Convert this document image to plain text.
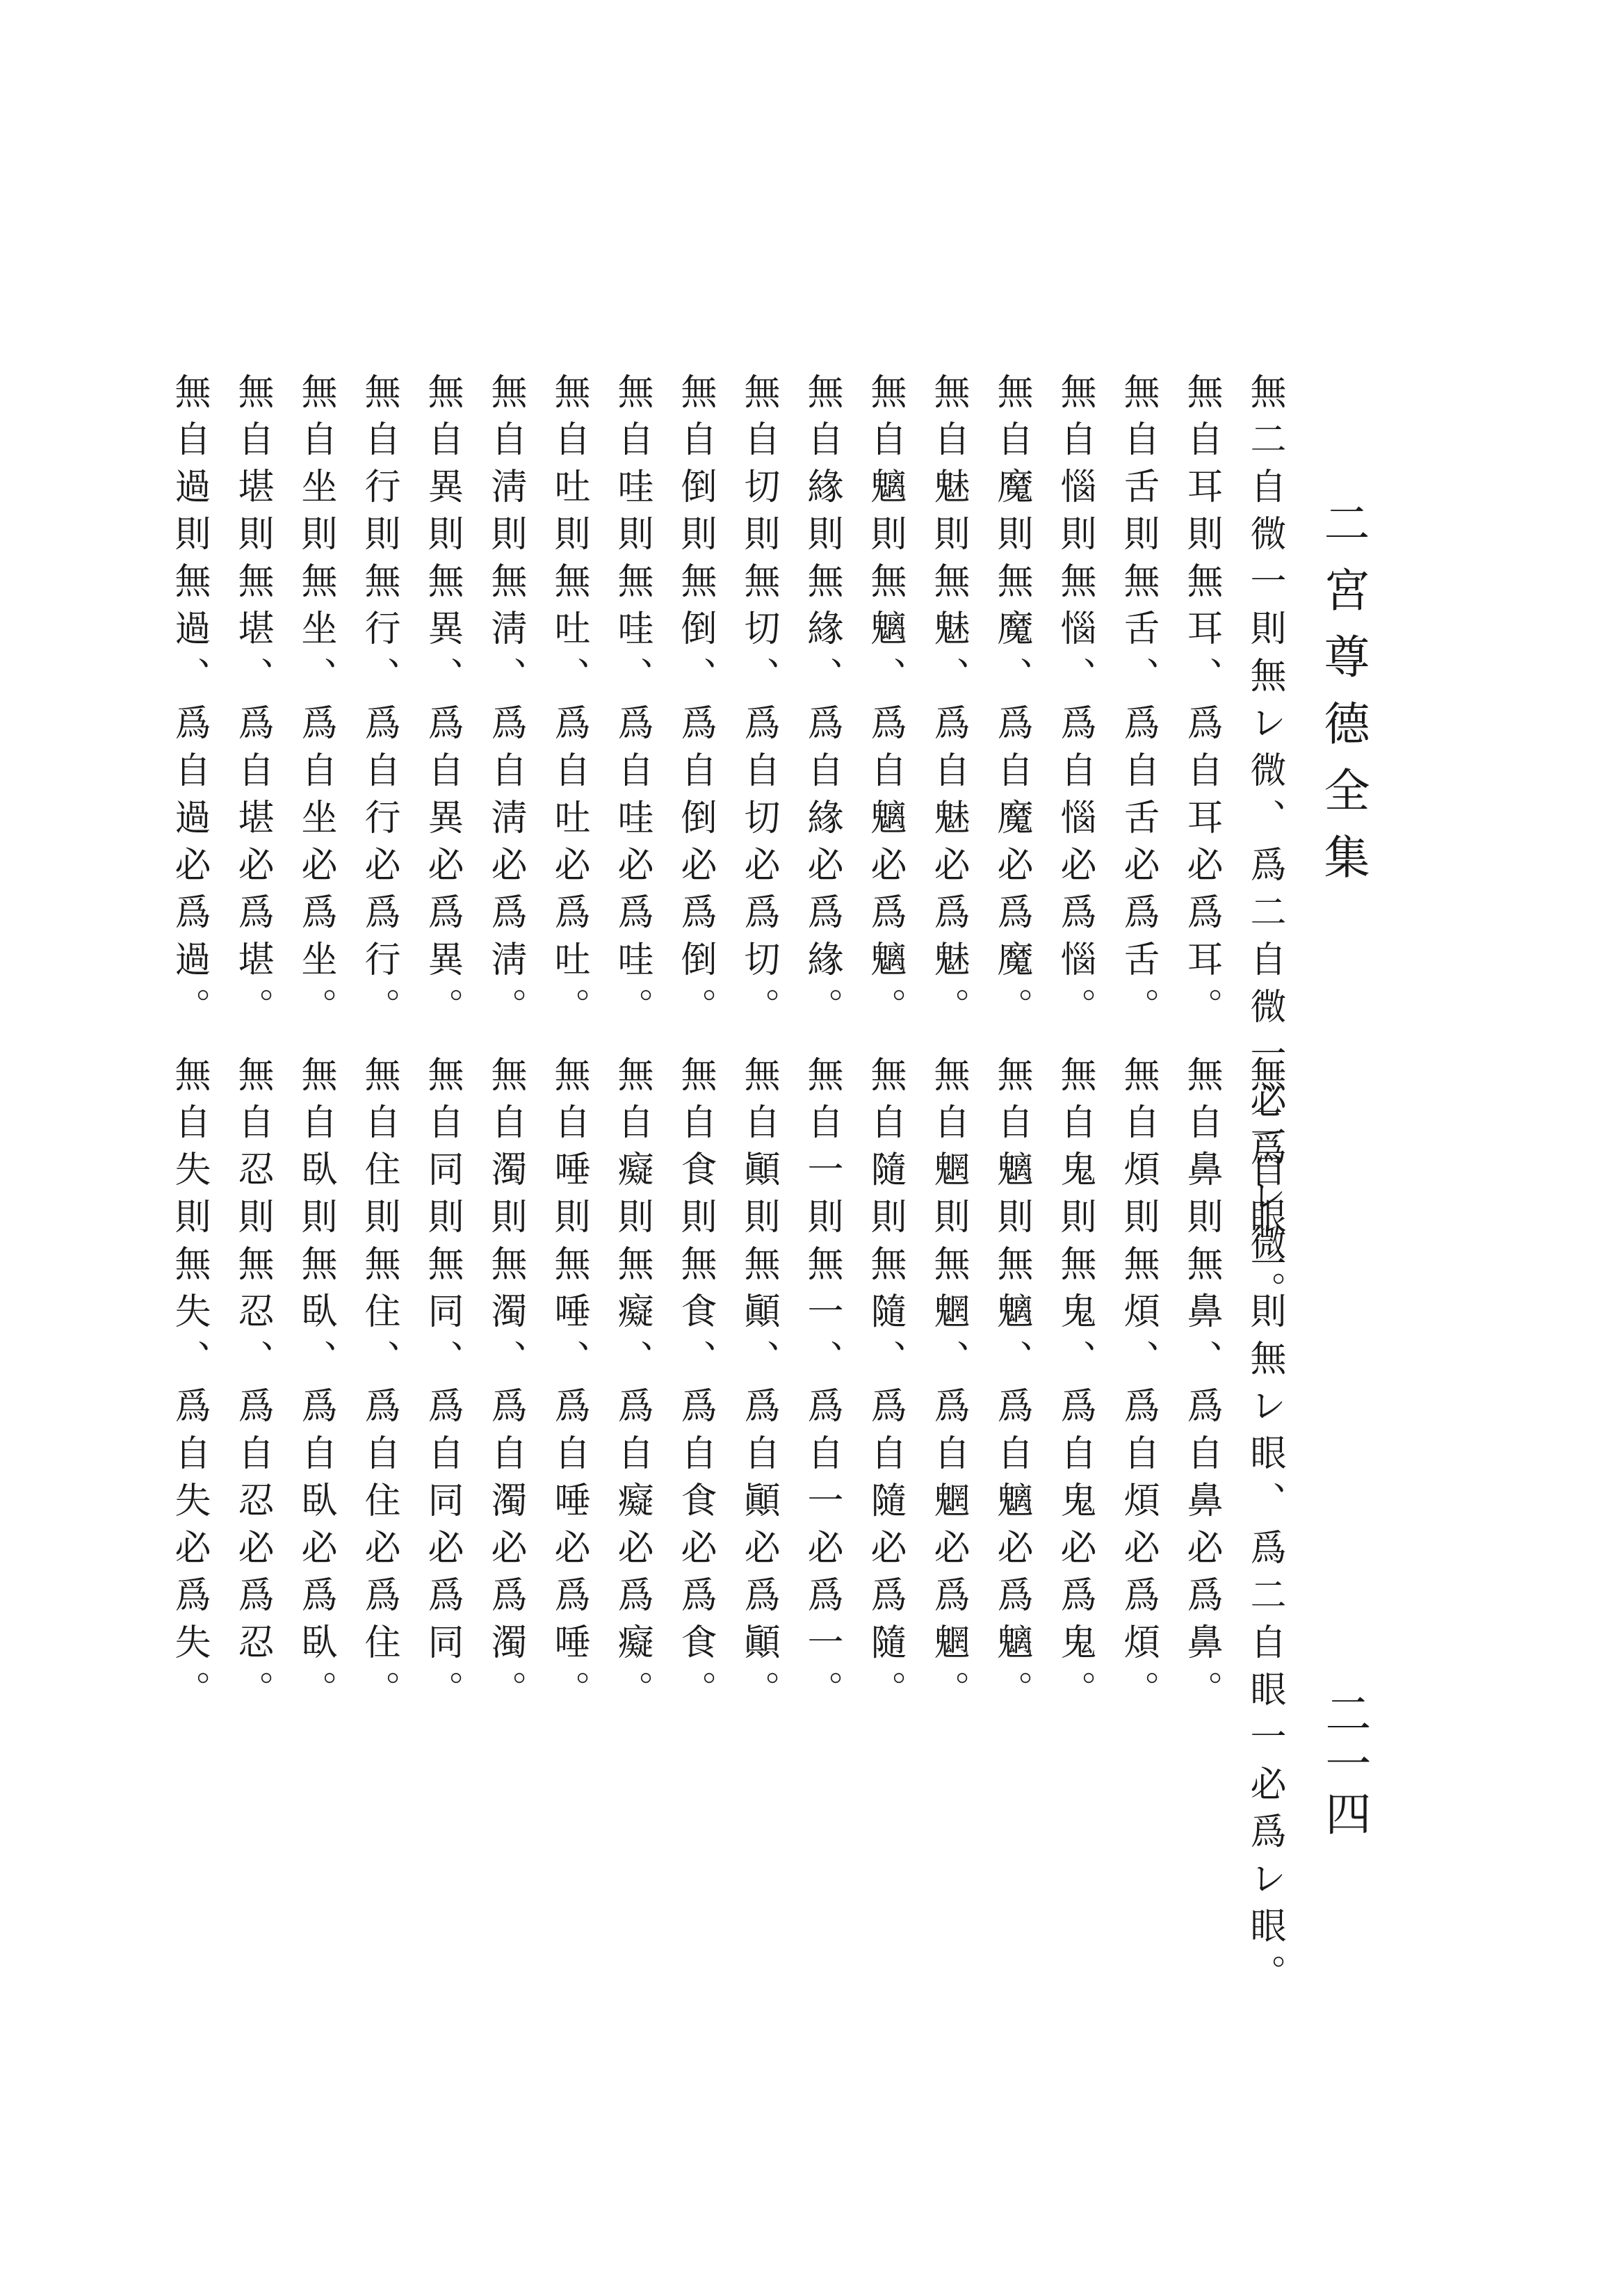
二宮尊德全集
無二自微一則無レ微、爲二自微一必爲レ微。
無自耳則無耳、爲自耳必爲耳。
無自舌則無舌、爲自舌必爲舌。
無自惱則無惱、爲自惱必爲惱。
無自魔則無魔、爲自魔必爲魔。
無自魅則無魅、爲自魅必爲魅。
無自魑則無魑、爲自魑必爲魑。
無自緣則無緣、爲自緣必爲緣。
無自切則無切、爲自切必爲切。
無自倒則無倒、爲自倒必爲倒。
無自哇則無哇、爲自哇必爲哇。
無自吐則無吐、爲自吐必爲吐。
無自淸則無淸、爲自淸必爲淸。
無自異則無異、爲自異必爲異。
無自行則無行、爲自行必爲行。
無自坐則無坐、爲自坐必爲坐。
無自堪則無堪、爲自堪必爲堪。
無自過則無過、爲自過必爲過。
無二自眼一則無レ眼、爲二自眼一必爲レ眼。
無自鼻則無鼻、爲自鼻必爲鼻。
無自煩則無煩、爲自煩必爲煩。
無自鬼則無鬼、爲自鬼必爲鬼。
無自魑則無魑、爲自魑必爲魑。
無自魍則無魍、爲自魍必爲魍。
無自隨則無隨、爲自隨必爲隨。
無自一則無一、爲自一必爲一。
無自顚則無顚、爲自顚必爲顚。
無自食則無食、爲自食必爲食。
無自癡則無癡、爲自癡必爲癡。
無自唾則無唾、爲自唾必爲唾。
無自濁則無濁、爲自濁必爲濁。
無自同則無同、爲自同必爲同。
無自住則無住、爲自住必爲住。
無自臥則無臥、爲自臥必爲臥。
無自忍則無忍、爲自忍必爲忍。
無自失則無失、爲自失必爲失。
二一四
